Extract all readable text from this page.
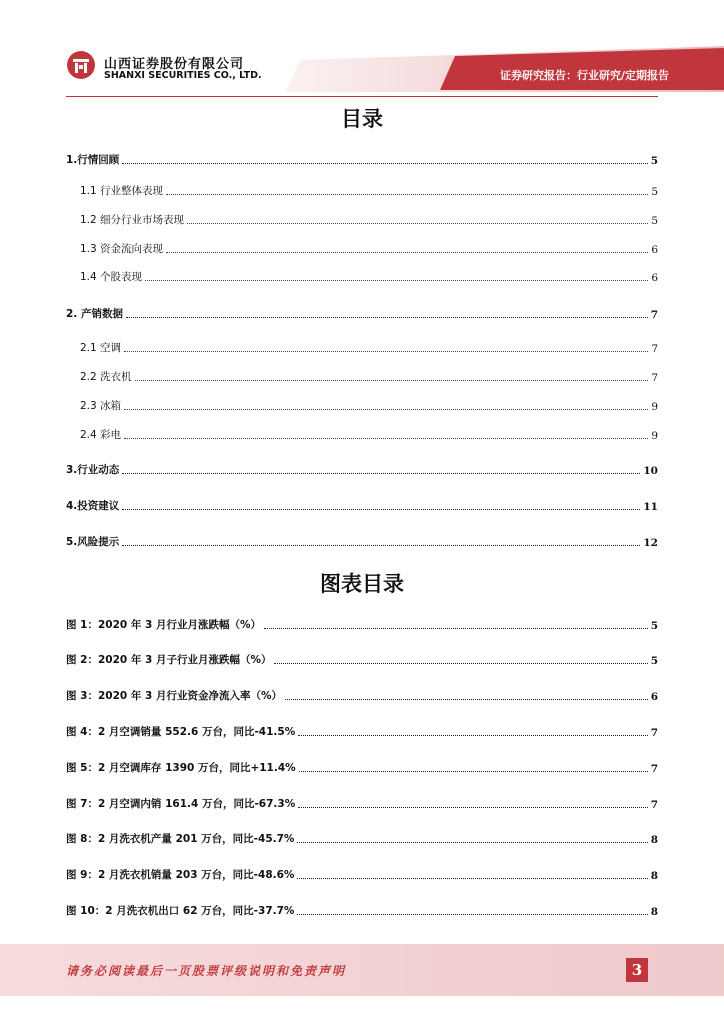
山西证券股份有限公司
SHANXI SECURITIES CO., LTD.	证券研究报告：行业研究/定期报告
目录
1.行情回顾	5
1.1 行业整体表现	5
1.2 细分行业市场表现	5
1.3 资金流向表现	6
1.4 个股表现	6
2. 产销数据	7
2.1 空调	7
2.2 洗衣机	7
2.3 冰箱	9
2.4 彩电	9
3.行业动态	10
4.投资建议	11
5.风险提示	12
图表目录
图 1：2020 年 3 月行业月涨跌幅（%）	5
图 2：2020 年 3 月子行业月涨跌幅（%）	5
图 3：2020 年 3 月行业资金净流入率（%）	6
图 4：2 月空调销量 552.6 万台，同比-41.5%	7
图 5：2 月空调库存 1390 万台，同比+11.4%	7
图 7：2 月空调内销 161.4 万台，同比-67.3%	7
图 8：2 月洗衣机产量 201 万台，同比-45.7%	8
图 9：2 月洗衣机销量 203 万台，同比-48.6%	8
图 10：2 月洗衣机出口 62 万台，同比-37.7%	8
请务必阅读最后一页股票评级说明和免责声明	3
